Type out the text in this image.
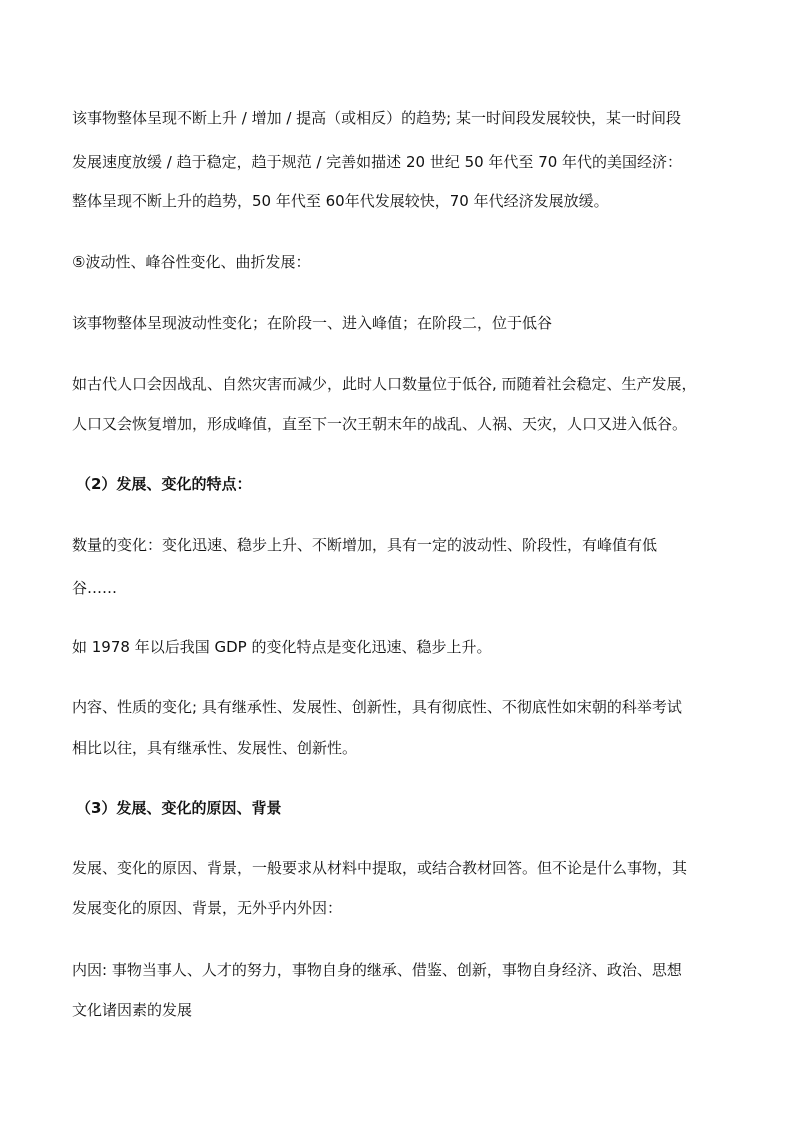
该事物整体呈现不断上升 / 增加 / 提高（或相反）的趋势; 某一时间段发展较快，某一时间段
发展速度放缓 / 趋于稳定，趋于规范 / 完善如描述 20 世纪 50 年代至 70 年代的美国经济：
整体呈现不断上升的趋势，50 年代至 60年代发展较快，70 年代经济发展放缓。
⑤波动性、峰谷性变化、曲折发展：
该事物整体呈现波动性变化；在阶段一、进入峰值；在阶段二，位于低谷
如古代人口会因战乱、自然灾害而减少，此时人口数量位于低谷, 而随着社会稳定、生产发展，
人口又会恢复增加，形成峰值，直至下一次王朝末年的战乱、人祸、天灾，人口又进入低谷。
（2）发展、变化的特点：
数量的变化：变化迅速、稳步上升、不断增加，具有一定的波动性、阶段性，有峰值有低
谷……
如 1978 年以后我国 GDP 的变化特点是变化迅速、稳步上升。
内容、性质的变化; 具有继承性、发展性、创新性，具有彻底性、不彻底性如宋朝的科举考试
相比以往，具有继承性、发展性、创新性。
（3）发展、变化的原因、背景
发展、变化的原因、背景，一般要求从材料中提取，或结合教材回答。但不论是什么事物，其
发展变化的原因、背景，无外乎内外因：
内因: 事物当事人、人才的努力，事物自身的继承、借鉴、创新，事物自身经济、政治、思想
文化诸因素的发展
